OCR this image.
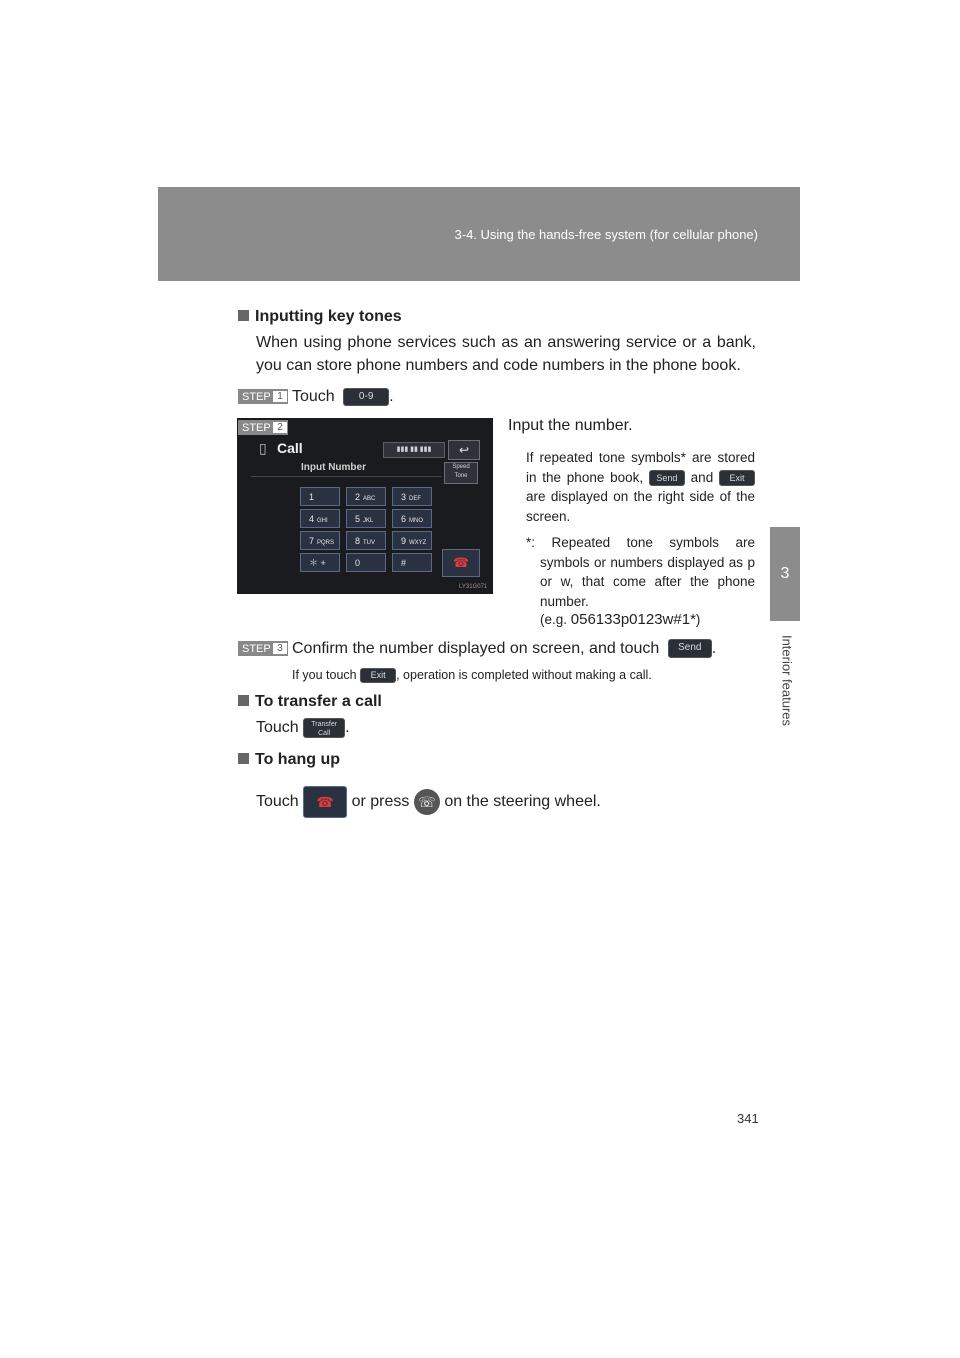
3-4. Using the hands-free system (for cellular phone)
3
Interior features
Inputting key tones
When using phone services such as an answering service or a bank, you can store phone numbers and code numbers in the phone book.
STEP 1 Touch 0-9 .
STEP 2
▯ Call	▮▮▮ ▮▮ ▮▮▮	↩
Input Number	Speed
Tone
1	2 ABC	3 DEF
4 GHI	5 JKL	6 MNO
7 PQRS	8 TUV	9 WXYZ
＊ +	0	#	☎
LY31G071
Input the number.
If repeated tone symbols* are stored in the phone book, Send and Exit are displayed on the right side of the screen.
*: Repeated tone symbols are symbols or numbers displayed as p or w, that come after the phone number.
(e.g. 056133p0123w#1*)
STEP 3 Confirm the number displayed on screen, and touch Send .
If you touch Exit , operation is completed without making a call.
To transfer a call
Touch Transfer
Call .
To hang up
Touch ☎ or press ☏ on the steering wheel.
341
